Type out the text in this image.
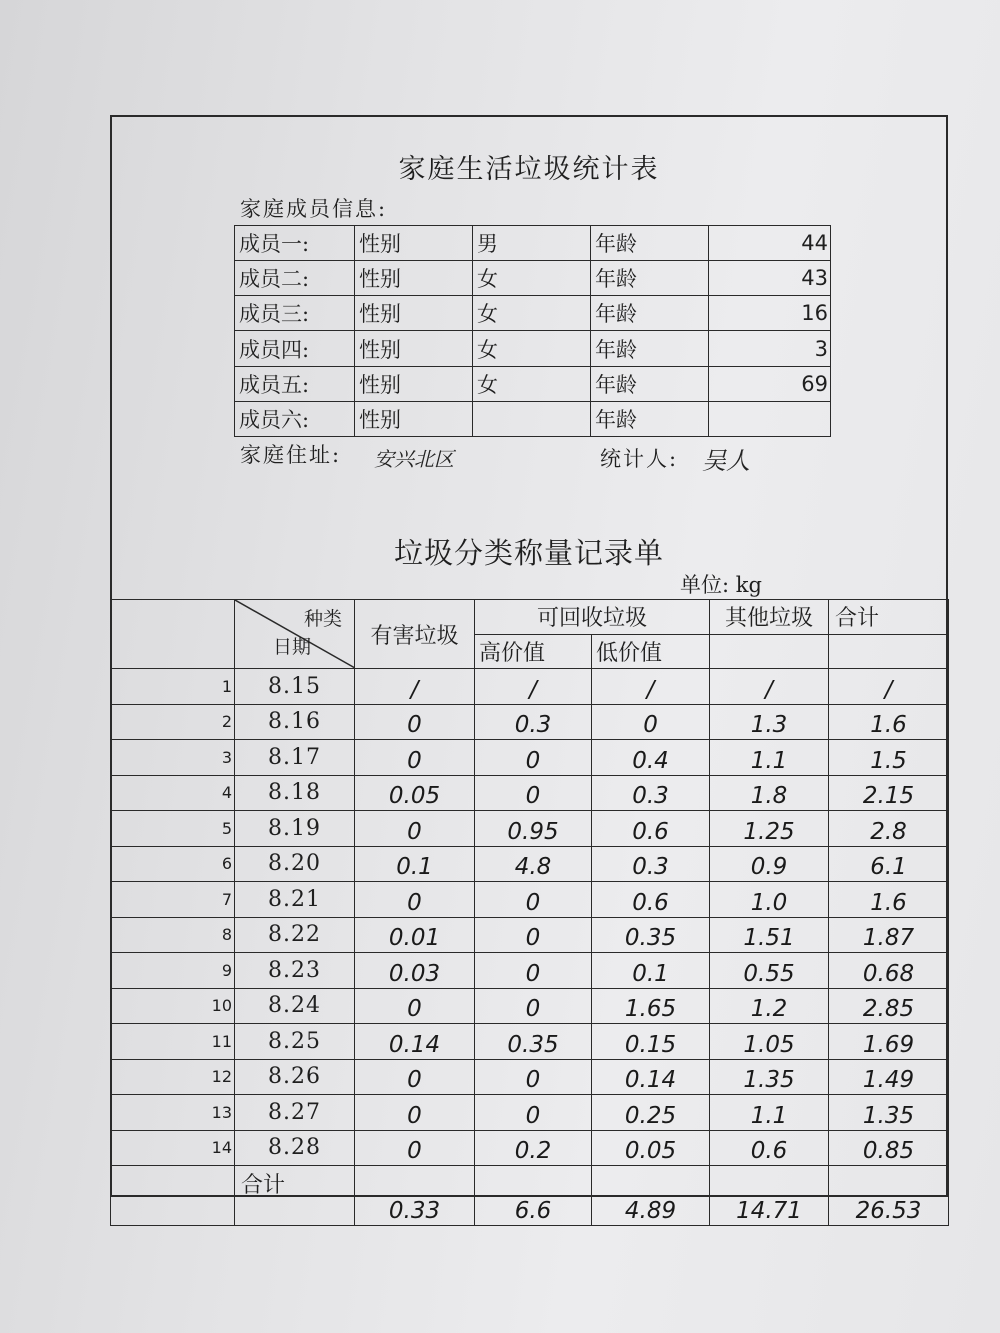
家庭生活垃圾统计表
家庭成员信息:
成员一:	性别	男	年龄	44
成员二:	性别	女	年龄	43
成员三:	性别	女	年龄	16
成员四:	性别	女	年龄	3
成员五:	性别	女	年龄	69
成员六:	性别		年龄	
家庭住址: 安兴北区	统计人: 吴人
垃圾分类称量记录单
单位: kg

	种类
日期	有害垃圾	可回收垃圾		其他垃圾	合计
			高价值	低价值		
1	8.15	/	/	/	/	/
2	8.16	0	0.3	0	1.3	1.6
3	8.17	0	0	0.4	1.1	1.5
4	8.18	0.05	0	0.3	1.8	2.15
5	8.19	0	0.95	0.6	1.25	2.8
6	8.20	0.1	4.8	0.3	0.9	6.1
7	8.21	0	0	0.6	1.0	1.6
8	8.22	0.01	0	0.35	1.51	1.87
9	8.23	0.03	0	0.1	0.55	0.68
10	8.24	0	0	1.65	1.2	2.85
11	8.25	0.14	0.35	0.15	1.05	1.69
12	8.26	0	0	0.14	1.35	1.49
13	8.27	0	0	0.25	1.1	1.35
14	8.28	0	0.2	0.05	0.6	0.85
	合计	0.33	6.6	4.89	14.71	26.53
